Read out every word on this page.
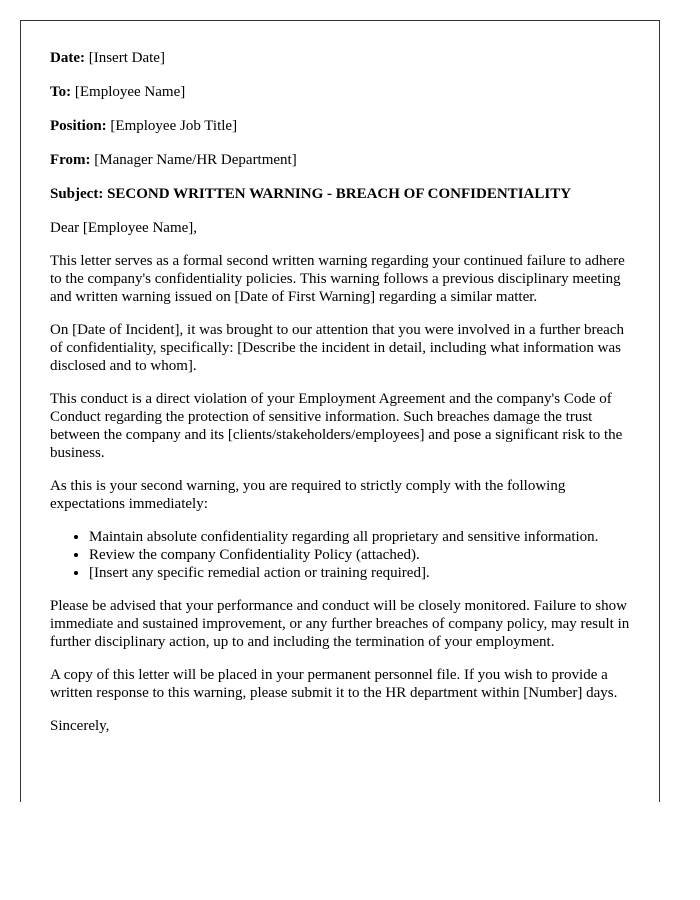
Date: [Insert Date]
To: [Employee Name]
Position: [Employee Job Title]
From: [Manager Name/HR Department]
Subject: SECOND WRITTEN WARNING - BREACH OF CONFIDENTIALITY

Dear [Employee Name],

This letter serves as a formal second written warning regarding your continued failure to adhere to the company's confidentiality policies. This warning follows a previous disciplinary meeting and written warning issued on [Date of First Warning] regarding a similar matter.

On [Date of Incident], it was brought to our attention that you were involved in a further breach of confidentiality, specifically: [Describe the incident in detail, including what information was disclosed and to whom].

This conduct is a direct violation of your Employment Agreement and the company's Code of Conduct regarding the protection of sensitive information. Such breaches damage the trust between the company and its [clients/stakeholders/employees] and pose a significant risk to the business.

As this is your second warning, you are required to strictly comply with the following expectations immediately:

• Maintain absolute confidentiality regarding all proprietary and sensitive information.
• Review the company Confidentiality Policy (attached).
• [Insert any specific remedial action or training required].

Please be advised that your performance and conduct will be closely monitored. Failure to show immediate and sustained improvement, or any further breaches of company policy, may result in further disciplinary action, up to and including the termination of your employment.

A copy of this letter will be placed in your permanent personnel file. If you wish to provide a written response to this warning, please submit it to the HR department within [Number] days.

Sincerely,
